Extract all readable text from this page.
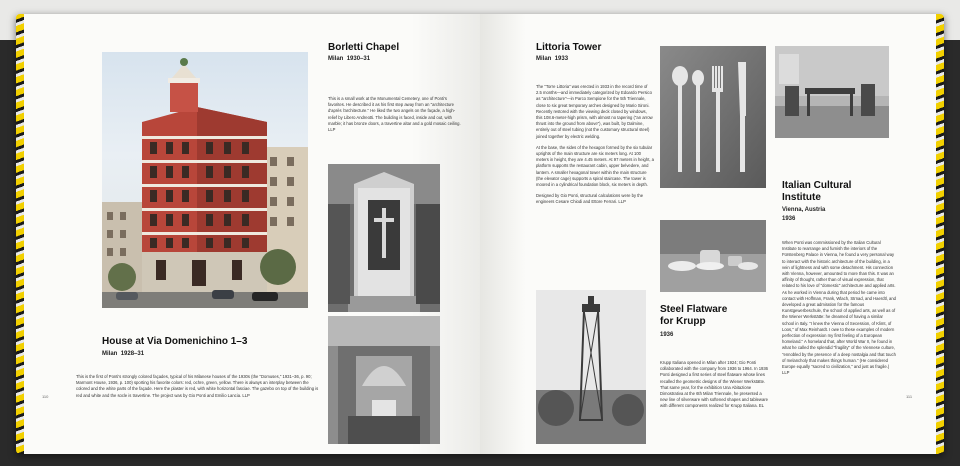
Borletti Chapel
Milan 1930–31
This is a small work at the Monumental Cemetery, one of Ponti's favorites. He described it as his first step away from an "architecture d'après l'architecture." He liked the two angels on the façade, a high-relief by Libero Andreotti. The building is faced, inside and out, with marble; it has bronze doors, a travertine altar and a gold mosaic ceiling. LLP
House at Via Domenichino 1–3
Milan 1928–31
This is the first of Ponti's strongly colored façades, typical of his Milanese houses of the 1930s (the "Domuses," 1931–36, p. 90; Marmont House, 1936, p. 100) sporting his favorite colors: red, ochre, green, yellow. There is always an interplay between the colored and the white parts of the façade. Here the plaster is red, with white horizontal fasciae. The gazebo on top of the building is red and white and the socle is travertine. The project was by Gio Ponti and Emilio Lancia. LLP
110
Littoria Tower
Milan 1933

The "Torre Littoria" was erected in 1933 in the record time of 2.5 months—and immediately categorized by Edoardo Persico as "architecture"—in Parco Sempione for the 5th Triennale, close to six great temporary arches designed by Mario Sironi. Recently restored with the viewing deck closed by windows, this 108.6-meter-high prism, with almost no tapering ("an arrow thrust into the ground from above"), was built, by Dalmine, entirely out of steel tubing (not the customary structural steel) joined together by electric welding.

At the base, the sides of the hexagon formed by the six tubular uprights of the main structure are six meters long. At 100 meters in height, they are 4.45 meters. At 97 meters in height, a platform supports the restaurant cabin, upper belvedere, and lantern. A smaller hexagonal tower within the main structure (the elevator cage) supports a spiral staircase. The tower is moored in a cylindrical foundation block, six meters in depth.

Designed by Gio Ponti, structural calculations were by the engineers Cesare Chiodi and Ettore Ferrari. LLP

Steel Flatware
for Krupp
1936
Krupp Italiana opened in Milan after 1924; Gio Ponti collaborated with the company from 1936 to 1964. In 1936 Ponti designed a first series of steel flatware whose lines recalled the geometric designs of the Wiener Werkstätte. That same year, for the exhibition Una Abitazione Dimostrativa at the 6th Milan Triennale, he presented a new line of silverware with softened shapes and tableware with different components realized for Krupp Italiana. EL
Italian Cultural
Institute
Vienna, Austria
1936
When Ponti was commissioned by the Italian Cultural Institute to rearrange and furnish the interiors of the Fürstenberg Palace in Vienna, he found a very personal way to interact with the historic architecture of the building, in a vein of lightness and with some detachment. His connection with Vienna, however, amounted to more than this. It was an affinity of thought, rather than of visual expression, that related to his love of "domestic" architecture and applied arts. As he worked in Vienna during that period he came into contact with Hoffman, Frank, Wlach, Strnad, and Haerdtl, and developed a great admiration for the famous Kunstgewerbeschule, the school of applied arts, as well as of the Wiener Werkstätte: he dreamed of having a similar school in Italy. "I knew the Vienna of Secession, of Klimt, of Loos," of Max Reinhardt. I owe to these examples of modern perfection of expression my first feeling of a European homeland." A homeland that, after World War II, he found in what he called the splendid "fragility" of the Viennese culture, "ennobled by the presence of a deep nostalgia and that touch of melancholy that makes things human." (He considered Europe equally "sacred to civilization," and just as fragile.) LLP
111
